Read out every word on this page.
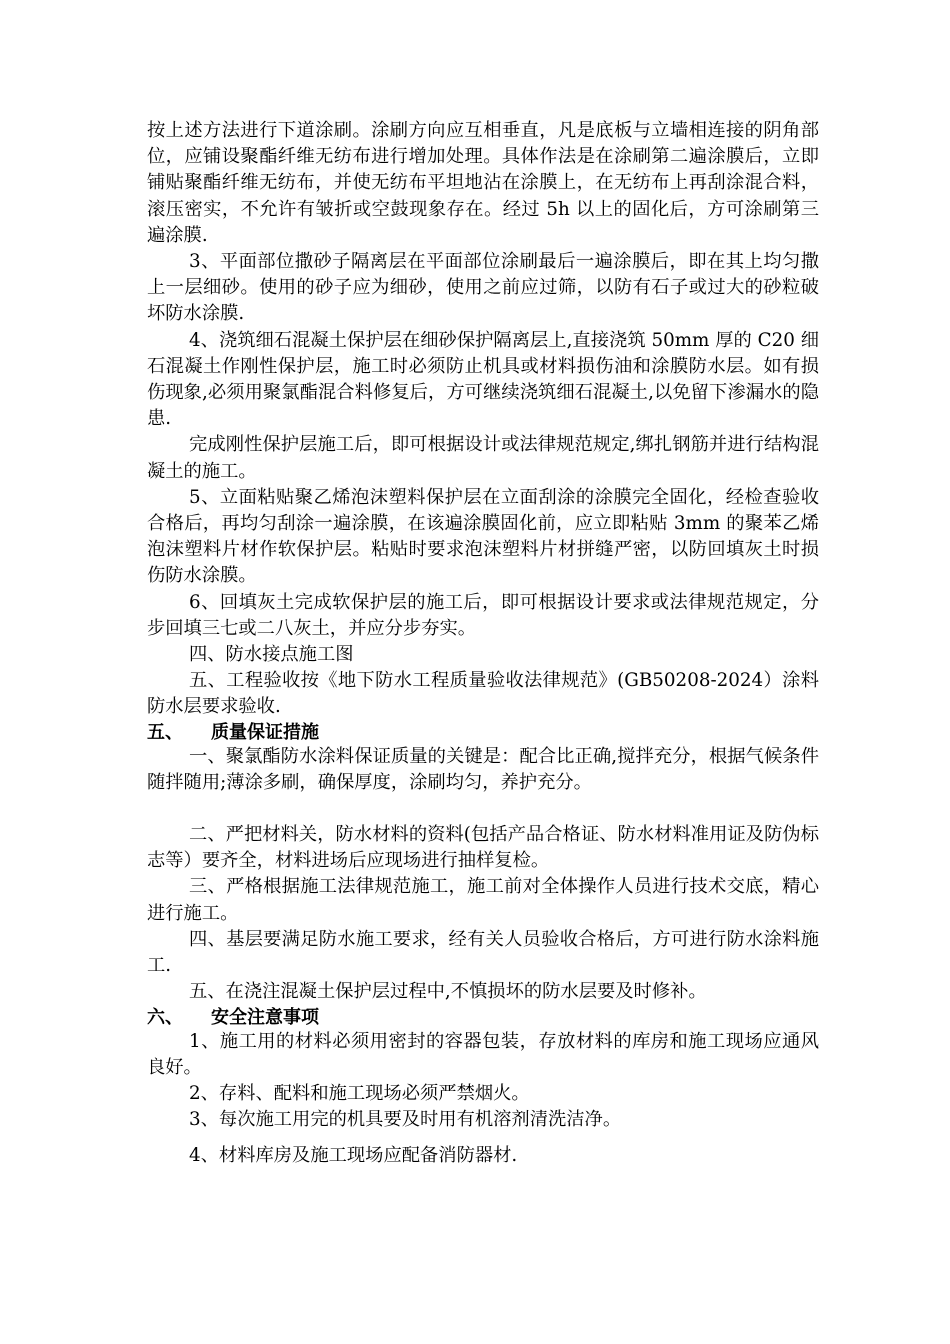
按上述方法进行下道涂刷。涂刷方向应互相垂直，凡是底板与立墙相连接的阴角部位，应铺设聚酯纤维无纺布进行增加处理。具体作法是在涂刷第二遍涂膜后，立即铺贴聚酯纤维无纺布，并使无纺布平坦地沾在涂膜上，在无纺布上再刮涂混合料，滚压密实，不允许有皱折或空鼓现象存在。经过 5h 以上的固化后，方可涂刷第三遍涂膜.

3、平面部位撒砂子隔离层在平面部位涂刷最后一遍涂膜后，即在其上均匀撒上一层细砂。使用的砂子应为细砂，使用之前应过筛，以防有石子或过大的砂粒破坏防水涂膜.

4、浇筑细石混凝土保护层在细砂保护隔离层上,直接浇筑 50mm 厚的 C20 细石混凝土作刚性保护层，施工时必须防止机具或材料损伤油和涂膜防水层。如有损伤现象,必须用聚氯酯混合料修复后，方可继续浇筑细石混凝土,以免留下渗漏水的隐患.

完成刚性保护层施工后，即可根据设计或法律规范规定,绑扎钢筋并进行结构混凝土的施工。

5、立面粘贴聚乙烯泡沫塑料保护层在立面刮涂的涂膜完全固化，经检查验收合格后，再均匀刮涂一遍涂膜，在该遍涂膜固化前，应立即粘贴 3mm 的聚苯乙烯泡沫塑料片材作软保护层。粘贴时要求泡沫塑料片材拼缝严密，以防回填灰土时损伤防水涂膜。

6、回填灰土完成软保护层的施工后，即可根据设计要求或法律规范规定，分步回填三七或二八灰土，并应分步夯实。

四、防水接点施工图

五、工程验收按《地下防水工程质量验收法律规范》(GB50208-2024）涂料防水层要求验收.

五、 质量保证措施

一、聚氯酯防水涂料保证质量的关键是：配合比正确,搅拌充分，根据气候条件随拌随用;薄涂多刷，确保厚度，涂刷均匀，养护充分。

二、严把材料关，防水材料的资料(包括产品合格证、防水材料准用证及防伪标志等）要齐全，材料进场后应现场进行抽样复检。

三、严格根据施工法律规范施工，施工前对全体操作人员进行技术交底，精心进行施工。

四、基层要满足防水施工要求，经有关人员验收合格后，方可进行防水涂料施工.

五、在浇注混凝土保护层过程中,不慎损坏的防水层要及时修补。

六、 安全注意事项

1、施工用的材料必须用密封的容器包装，存放材料的库房和施工现场应通风良好。

2、存料、配料和施工现场必须严禁烟火。

3、每次施工用完的机具要及时用有机溶剂清洗洁净。

4、材料库房及施工现场应配备消防器材.
